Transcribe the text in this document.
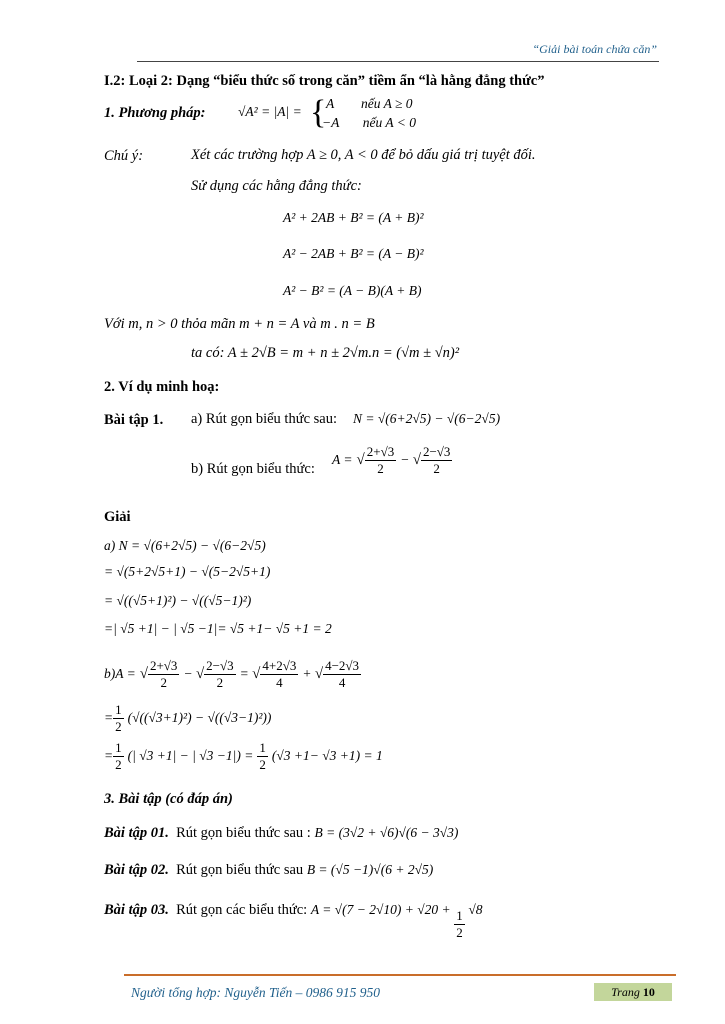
“Giải bài toán chứa căn”
I.2: Loại 2: Dạng “biểu thức số trong căn” tiềm ẩn “là hằng đẳng thức”
1. Phương pháp: √A² = |A| = { A        nếu A ≥ 0
−A       nếu A < 0
Chú ý:	Xét các trường hợp A ≥ 0, A < 0 để bỏ dấu giá trị tuyệt đối.
Sử dụng các hằng đẳng thức:
A² + 2AB + B² = (A + B)²
A² − 2AB + B² = (A − B)²
A² − B² = (A − B)(A + B)
Với m, n > 0 thỏa mãn m + n = A và m . n = B
ta có: A ± 2√B = m + n ± 2√m.n = (√m ± √n)²
2. Ví dụ minh hoạ:
Bài tập 1. a) Rút gọn biểu thức sau: N = √(6+2√5) − √(6−2√5)
b) Rút gọn biểu thức:
A = √ $\frac{2+√3}{2}$ − √ $\frac{2-√3}{2}$
Giải
a) N = √(6+2√5) − √(6−2√5)
= √(5+2√5+1) − √(5−2√5+1)
= √((√5+1)²) − √((√5−1)²)
=| √5 +1| − | √5 −1|= √5 +1− √5 +1 = 2
b)A = √ $\frac{2+√3}{2}$ − √ $\frac{2-√3}{2}$ = √ $\frac{4+2√3}{4}$ + √ $\frac{4-2√3}{4}$
= $\frac{1}{2} (√((√3+1)^2) - √((√3-1)^2))$
= $\frac{1}{2}$ (| √3 +1| − | $√3 -1|) = \frac{1}{2} (√3 +1- √3 +1) = 1$
3. Bài tập (có đáp án)
Bài tập 01. Rút gọn biểu thức sau : B = (3√2 + √6)√(6 − 3√3)
Bài tập 02. Rút gọn biểu thức sau B = (√5 −1)√(6 + 2√5)
Bài tập 03. Rút gọn các biểu thức: $A = √(7 - 2√10) + √20 + \frac{1}{2} √8$
Người tổng hợp: Nguyễn Tiến – 0986 915 950	Trang 10
